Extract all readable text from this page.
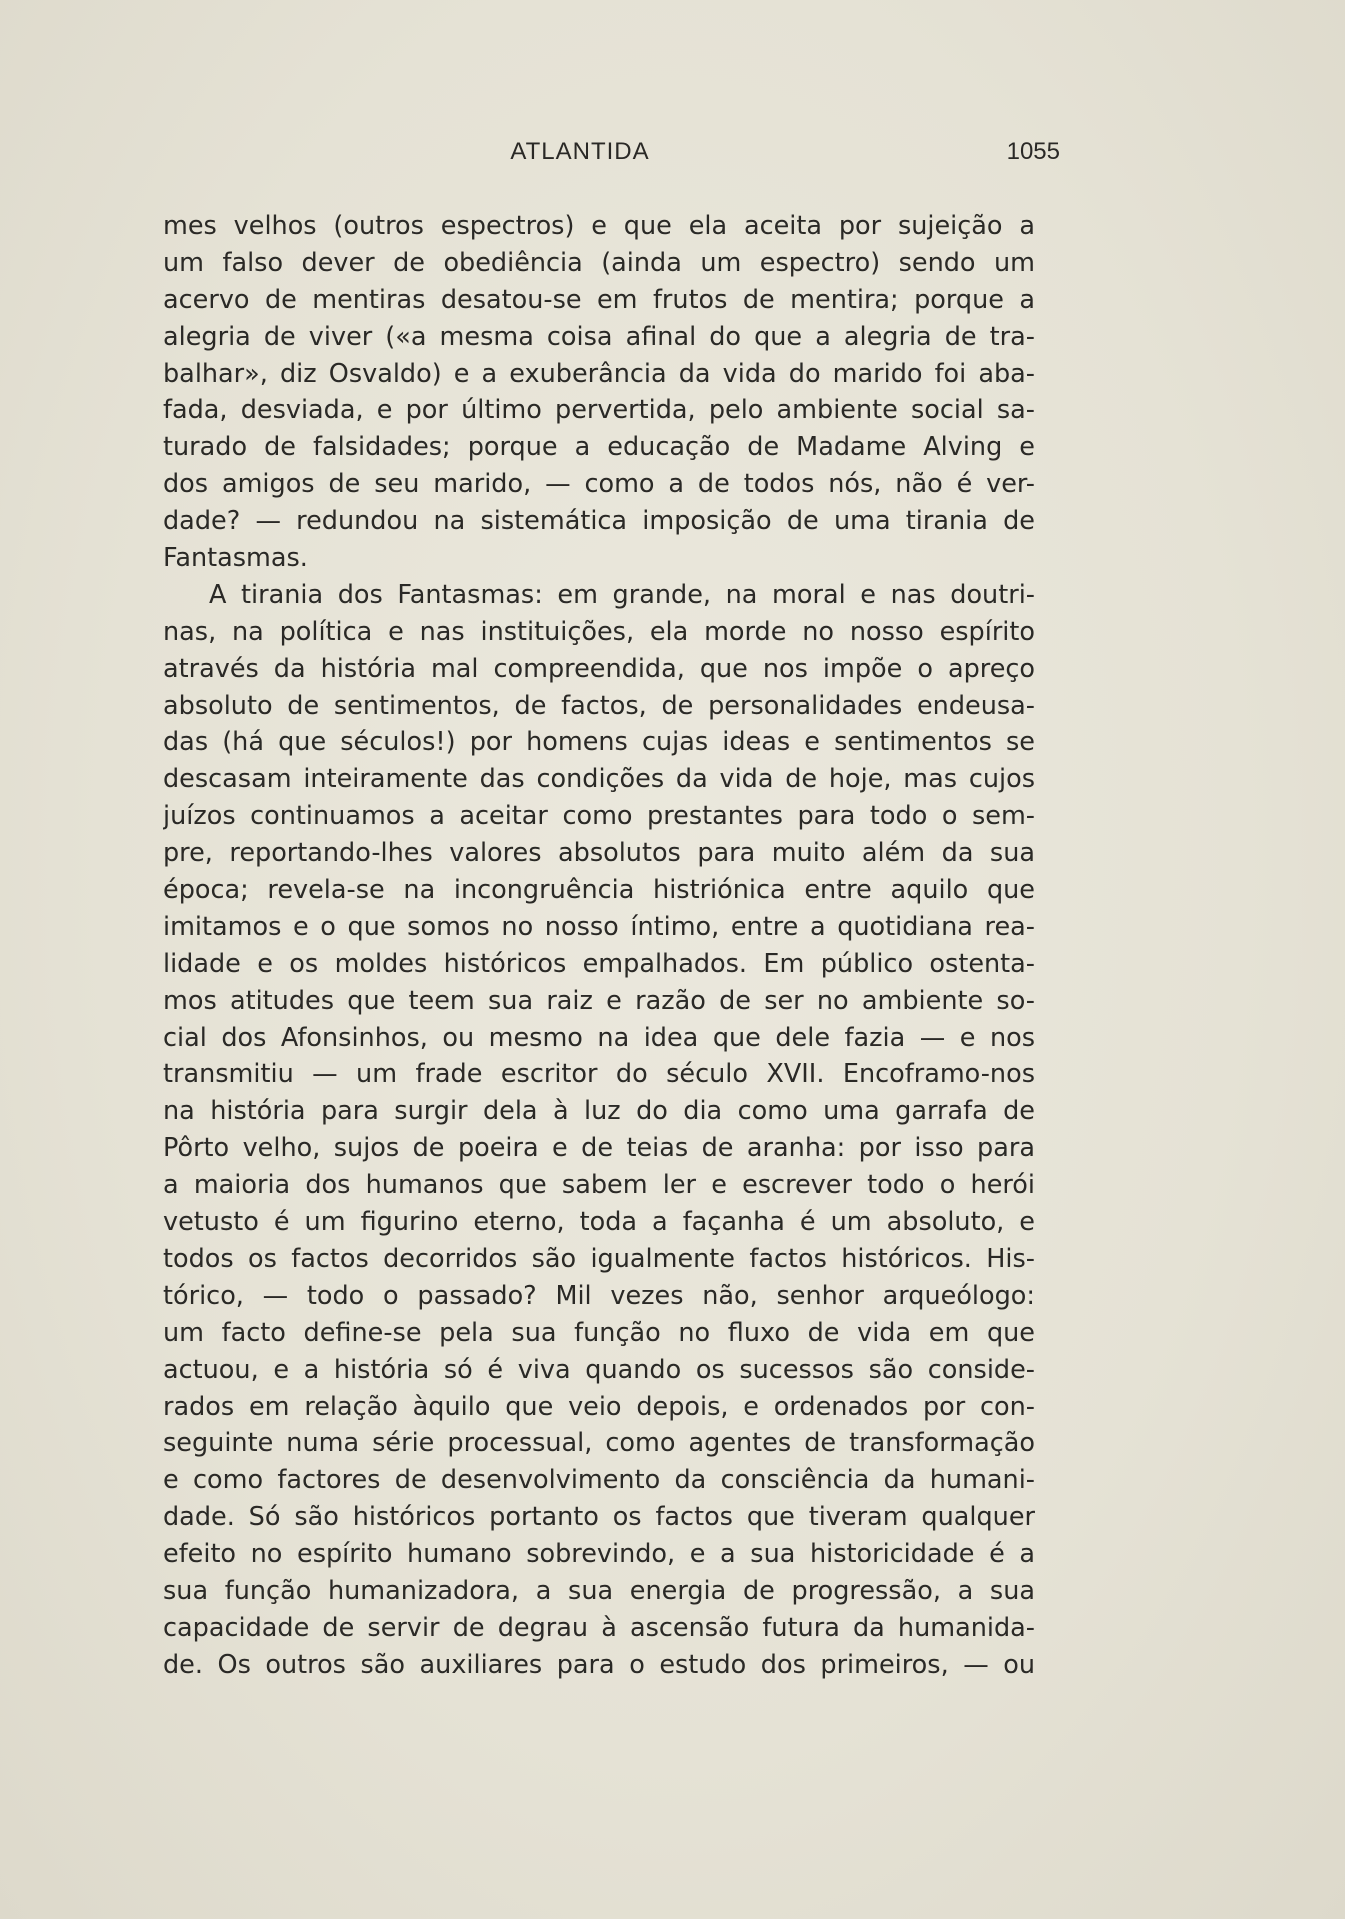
ATLANTIDA	1055
mes velhos (outros espectros) e que ela aceita por sujeição a
um falso dever de obediência (ainda um espectro) sendo um
acervo de mentiras desatou-se em frutos de mentira; porque a
alegria de viver («a mesma coisa afinal do que a alegria de tra-
balhar», diz Osvaldo) e a exuberância da vida do marido foi aba-
fada, desviada, e por último pervertida, pelo ambiente social sa-
turado de falsidades; porque a educação de Madame Alving e
dos amigos de seu marido, — como a de todos nós, não é ver-
dade? — redundou na sistemática imposição de uma tirania de
Fantasmas.
A tirania dos Fantasmas: em grande, na moral e nas doutri-
nas, na política e nas instituições, ela morde no nosso espírito
através da história mal compreendida, que nos impõe o apreço
absoluto de sentimentos, de factos, de personalidades endeusa-
das (há que séculos!) por homens cujas ideas e sentimentos se
descasam inteiramente das condições da vida de hoje, mas cujos
juízos continuamos a aceitar como prestantes para todo o sem-
pre, reportando-lhes valores absolutos para muito além da sua
época; revela-se na incongruência histriónica entre aquilo que
imitamos e o que somos no nosso íntimo, entre a quotidiana rea-
lidade e os moldes históricos empalhados. Em público ostenta-
mos atitudes que teem sua raiz e razão de ser no ambiente so-
cial dos Afonsinhos, ou mesmo na idea que dele fazia — e nos
transmitiu — um frade escritor do século XVII. Encoframo-nos
na história para surgir dela à luz do dia como uma garrafa de
Pôrto velho, sujos de poeira e de teias de aranha: por isso para
a maioria dos humanos que sabem ler e escrever todo o herói
vetusto é um figurino eterno, toda a façanha é um absoluto, e
todos os factos decorridos são igualmente factos históricos. His-
tórico, — todo o passado? Mil vezes não, senhor arqueólogo:
um facto define-se pela sua função no fluxo de vida em que
actuou, e a história só é viva quando os sucessos são conside-
rados em relação àquilo que veio depois, e ordenados por con-
seguinte numa série processual, como agentes de transformação
e como factores de desenvolvimento da consciência da humani-
dade. Só são históricos portanto os factos que tiveram qualquer
efeito no espírito humano sobrevindo, e a sua historicidade é a
sua função humanizadora, a sua energia de progressão, a sua
capacidade de servir de degrau à ascensão futura da humanida-
de. Os outros são auxiliares para o estudo dos primeiros, — ou
